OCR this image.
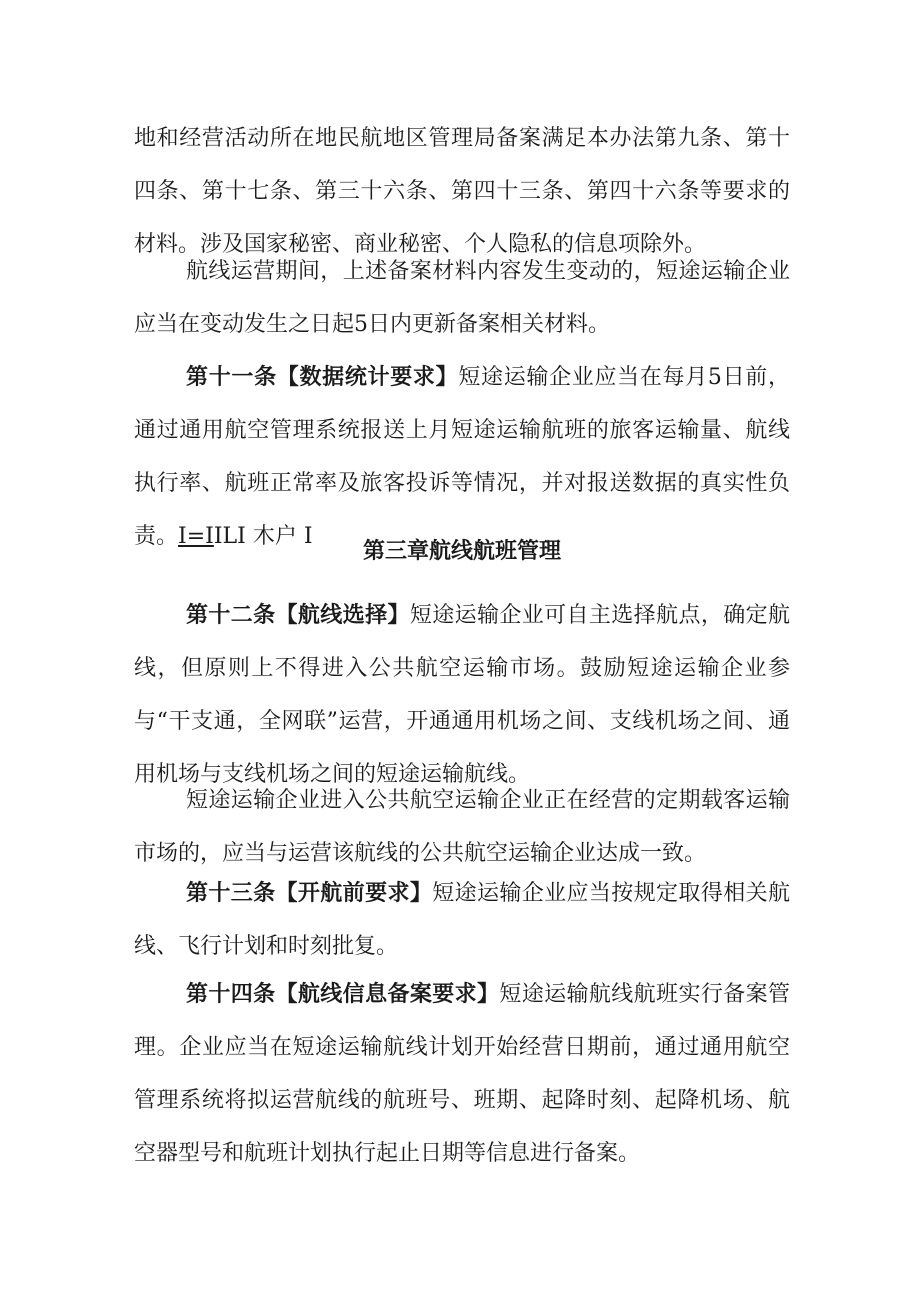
地和经营活动所在地民航地区管理局备案满足本办法第九条、第十四条、第十七条、第三十六条、第四十三条、第四十六条等要求的材料。涉及国家秘密、商业秘密、个人隐私的信息项除外。

航线运营期间，上述备案材料内容发生变动的，短途运输企业应当在变动发生之日起5日内更新备案相关材料。

第十一条【数据统计要求】短途运输企业应当在每月5日前，通过通用航空管理系统报送上月短途运输航班的旅客运输量、航线执行率、航班正常率及旅客投诉等情况，并对报送数据的真实性负责。I=IILI 木户 I

第三章航线航班管理

第十二条【航线选择】短途运输企业可自主选择航点，确定航线，但原则上不得进入公共航空运输市场。鼓励短途运输企业参与“干支通，全网联”运营，开通通用机场之间、支线机场之间、通用机场与支线机场之间的短途运输航线。

短途运输企业进入公共航空运输企业正在经营的定期载客运输市场的，应当与运营该航线的公共航空运输企业达成一致。

第十三条【开航前要求】短途运输企业应当按规定取得相关航线、飞行计划和时刻批复。

第十四条【航线信息备案要求】短途运输航线航班实行备案管理。企业应当在短途运输航线计划开始经营日期前，通过通用航空管理系统将拟运营航线的航班号、班期、起降时刻、起降机场、航空器型号和航班计划执行起止日期等信息进行备案。
